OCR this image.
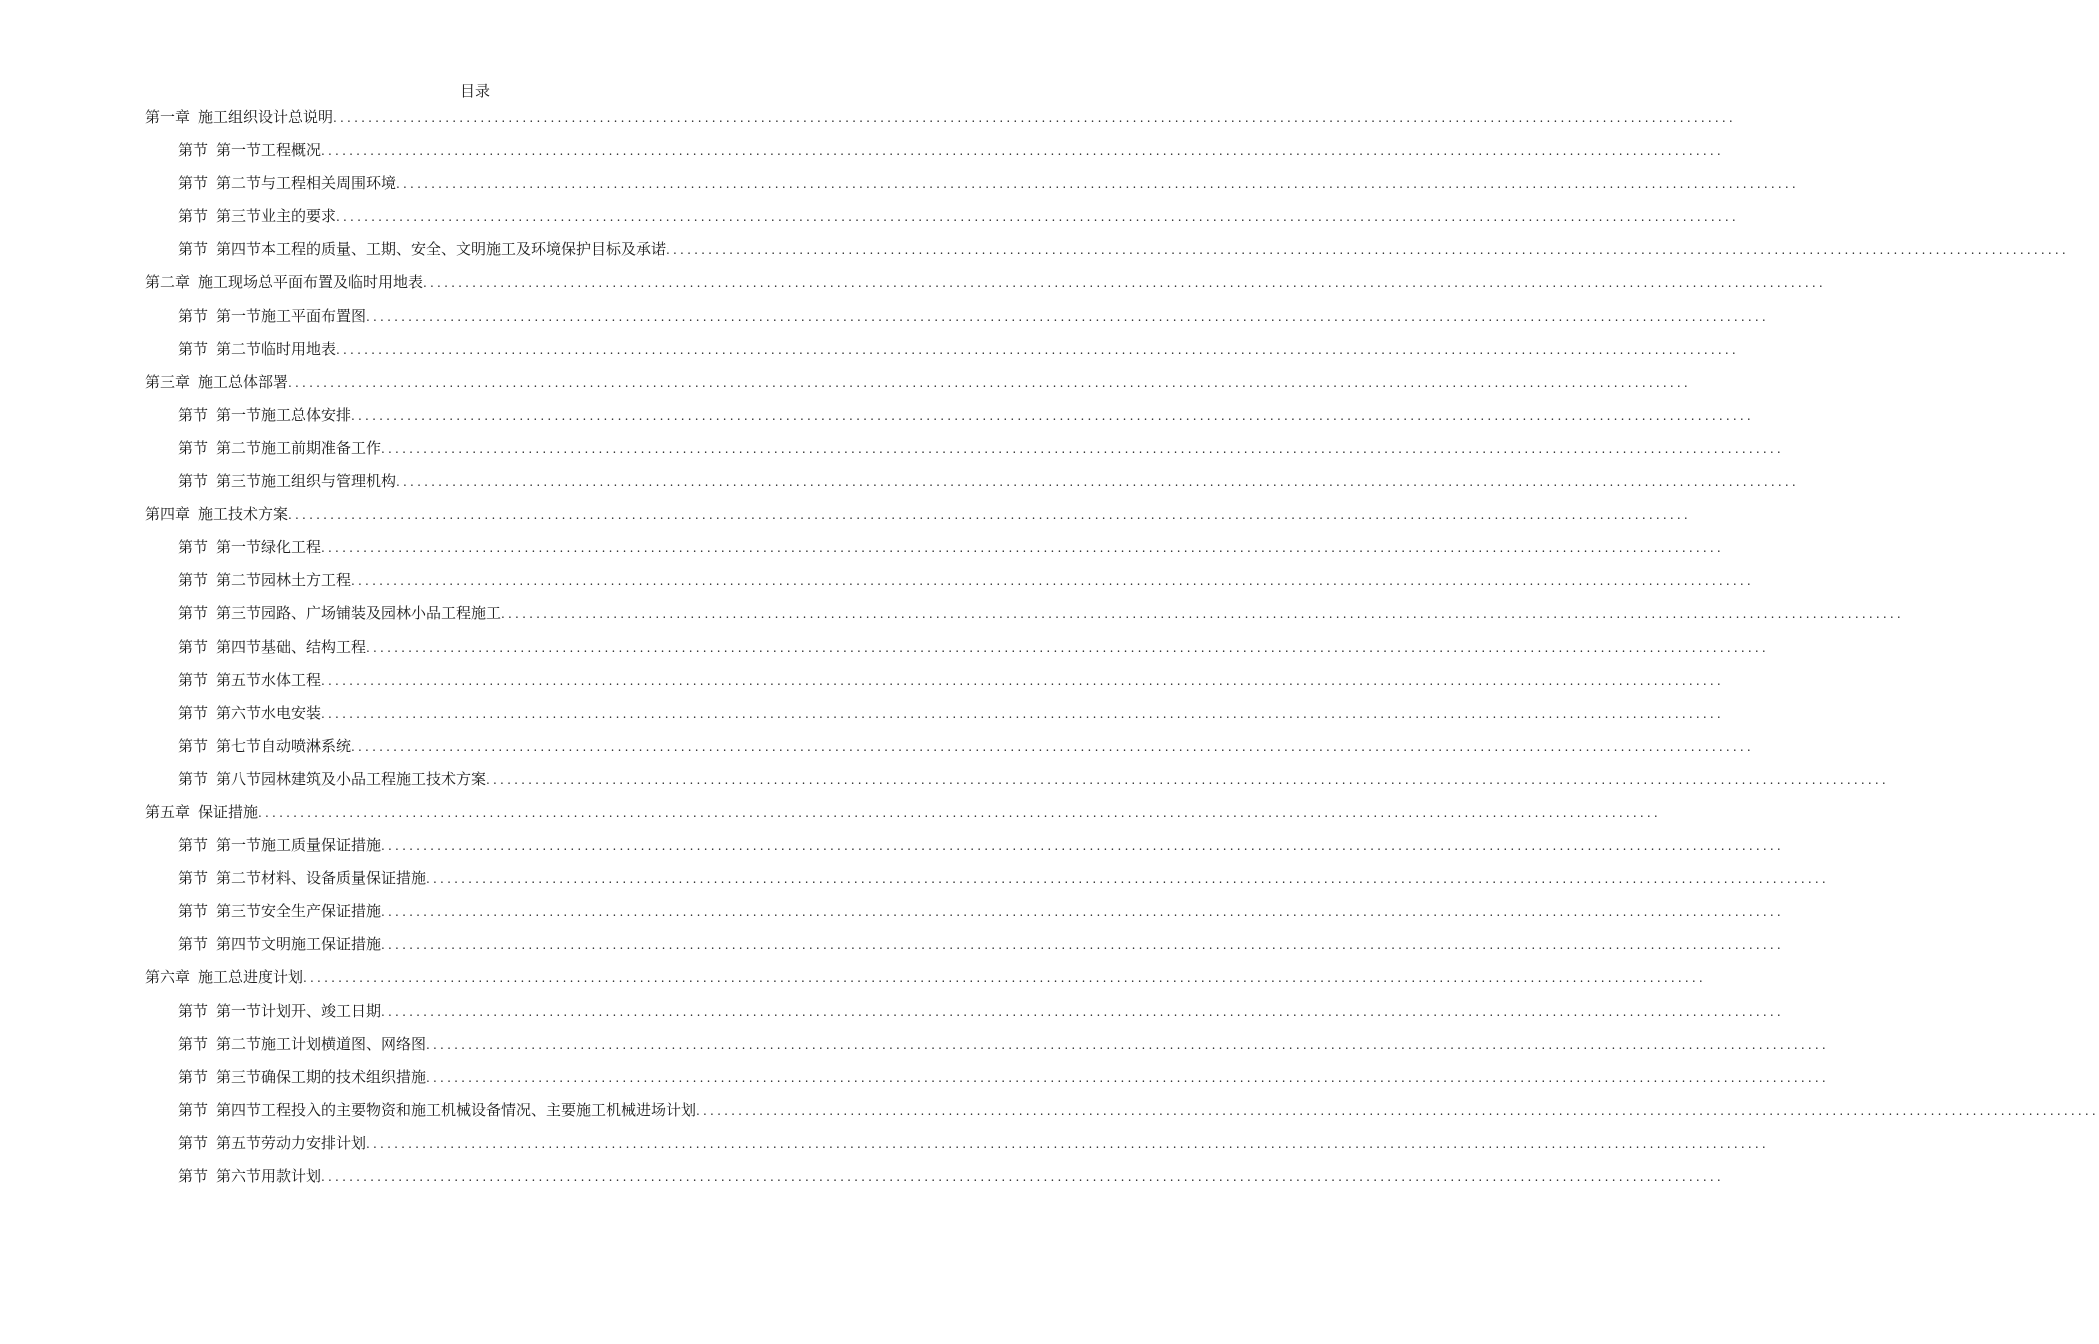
目录
第一章 施工组织设计总说明 ........................................................................................................................................................................................................
第节 第一节工程概况 ........................................................................................................................................................................................................
第节 第二节与工程相关周围环境 ........................................................................................................................................................................................................
第节 第三节业主的要求 ........................................................................................................................................................................................................
第节 第四节本工程的质量、工期、安全、文明施工及环境保护目标及承诺 ........................................................................................................................................................................................................
第二章 施工现场总平面布置及临时用地表 ........................................................................................................................................................................................................
第节 第一节施工平面布置图 ........................................................................................................................................................................................................
第节 第二节临时用地表 ........................................................................................................................................................................................................
第三章 施工总体部署 ........................................................................................................................................................................................................
第节 第一节施工总体安排 ........................................................................................................................................................................................................
第节 第二节施工前期准备工作 ........................................................................................................................................................................................................
第节 第三节施工组织与管理机构 ........................................................................................................................................................................................................
第四章 施工技术方案 ........................................................................................................................................................................................................
第节 第一节绿化工程 ........................................................................................................................................................................................................
第节 第二节园林土方工程 ........................................................................................................................................................................................................
第节 第三节园路、广场铺装及园林小品工程施工 ........................................................................................................................................................................................................
第节 第四节基础、结构工程 ........................................................................................................................................................................................................
第节 第五节水体工程 ........................................................................................................................................................................................................
第节 第六节水电安装 ........................................................................................................................................................................................................
第节 第七节自动喷淋系统 ........................................................................................................................................................................................................
第节 第八节园林建筑及小品工程施工技术方案 ........................................................................................................................................................................................................
第五章 保证措施 ........................................................................................................................................................................................................
第节 第一节施工质量保证措施 ........................................................................................................................................................................................................
第节 第二节材料、设备质量保证措施 ........................................................................................................................................................................................................
第节 第三节安全生产保证措施 ........................................................................................................................................................................................................
第节 第四节文明施工保证措施 ........................................................................................................................................................................................................
第六章 施工总进度计划 ........................................................................................................................................................................................................
第节 第一节计划开、竣工日期 ........................................................................................................................................................................................................
第节 第二节施工计划横道图、网络图 ........................................................................................................................................................................................................
第节 第三节确保工期的技术组织措施 ........................................................................................................................................................................................................
第节 第四节工程投入的主要物资和施工机械设备情况、主要施工机械进场计划 ........................................................................................................................................................................................................
第节 第五节劳动力安排计划 ........................................................................................................................................................................................................
第节 第六节用款计划 ........................................................................................................................................................................................................
